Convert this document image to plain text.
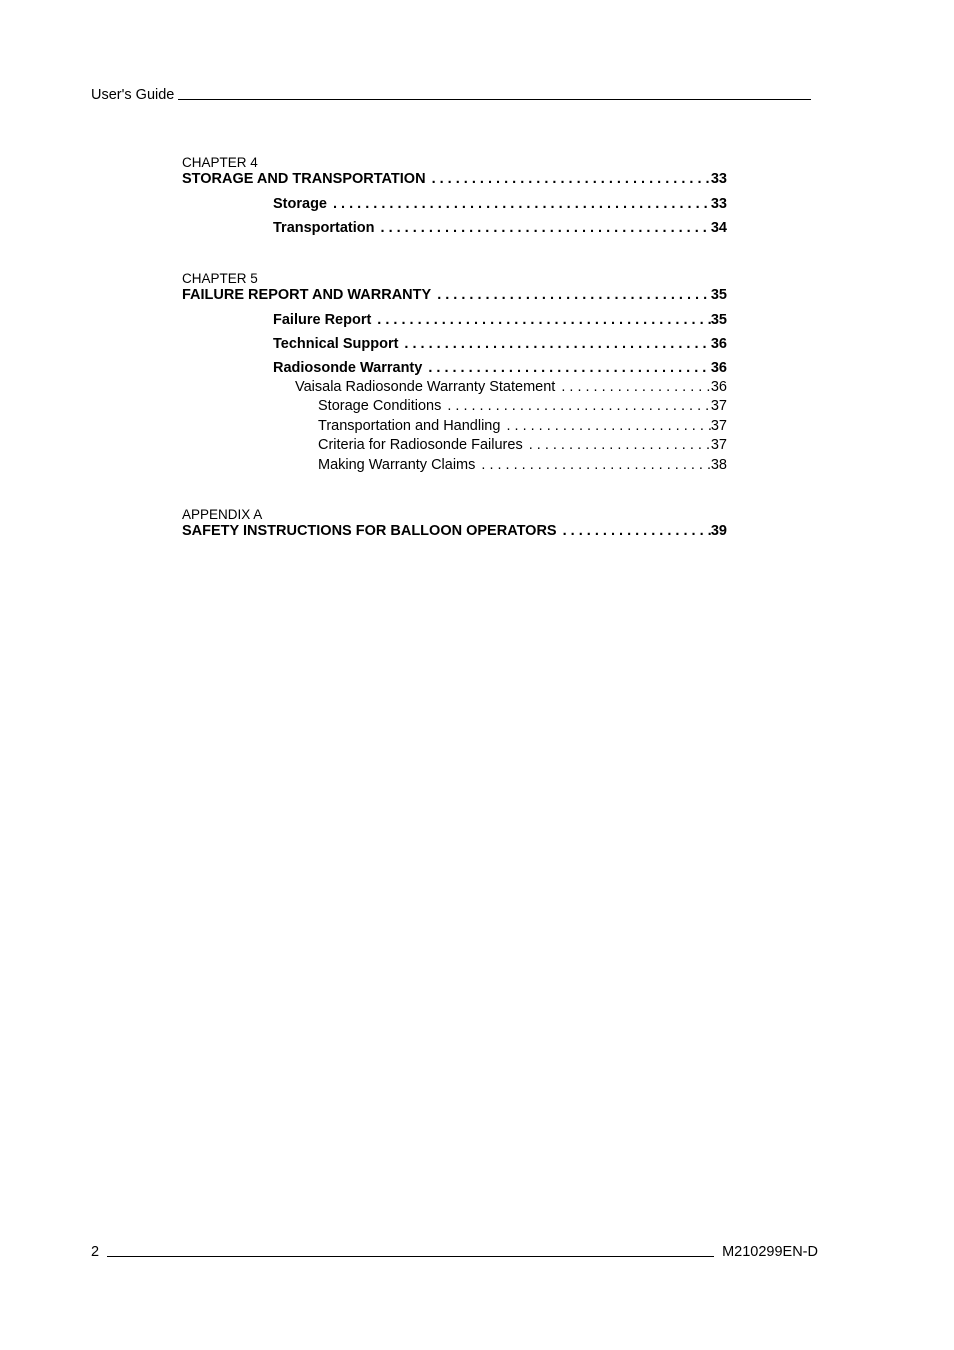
User's Guide
CHAPTER 4
STORAGE AND TRANSPORTATION . . .	33
Storage . . .	33
Transportation . . .	34
CHAPTER 5
FAILURE REPORT AND WARRANTY . . .	35
Failure Report . . .	35
Technical Support . . .	36
Radiosonde Warranty . . .	36
Vaisala Radiosonde Warranty Statement . . .	36
Storage Conditions . . .	37
Transportation and Handling . . .	37
Criteria for Radiosonde Failures . . .	37
Making Warranty Claims . . .	38
APPENDIX A
SAFETY INSTRUCTIONS FOR BALLOON OPERATORS . . .	39
2	M210299EN-D
